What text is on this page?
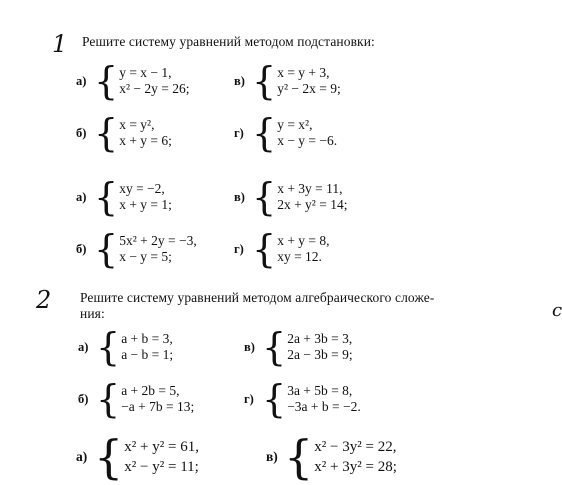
1 Решите систему уравнений методом подстановки:
а) { y = x − 1,
x² − 2y = 26;
в) { x = y + 3,
y² − 2x = 9;
б) { x = y²,
x + y = 6;
г) { y = x²,
x − y = −6.
а) { xy = −2,
x + y = 1;
в) { x + 3y = 11,
2x + y² = 14;
б) { 5x² + 2y = −3,
x − y = 5;
г) { x + y = 8,
xy = 12.
2 Решите систему уравнений методом алгебраического сложе-
ния:
а) { a + b = 3,
a − b = 1;
в) { 2a + 3b = 3,
2a − 3b = 9;
б) { a + 2b = 5,
−a + 7b = 13;
г) { 3a + 5b = 8,
−3a + b = −2.
а) { x² + y² = 61,
x² − y² = 11;
в) { x² − 3y² = 22,
x² + 3y² = 28;
с
